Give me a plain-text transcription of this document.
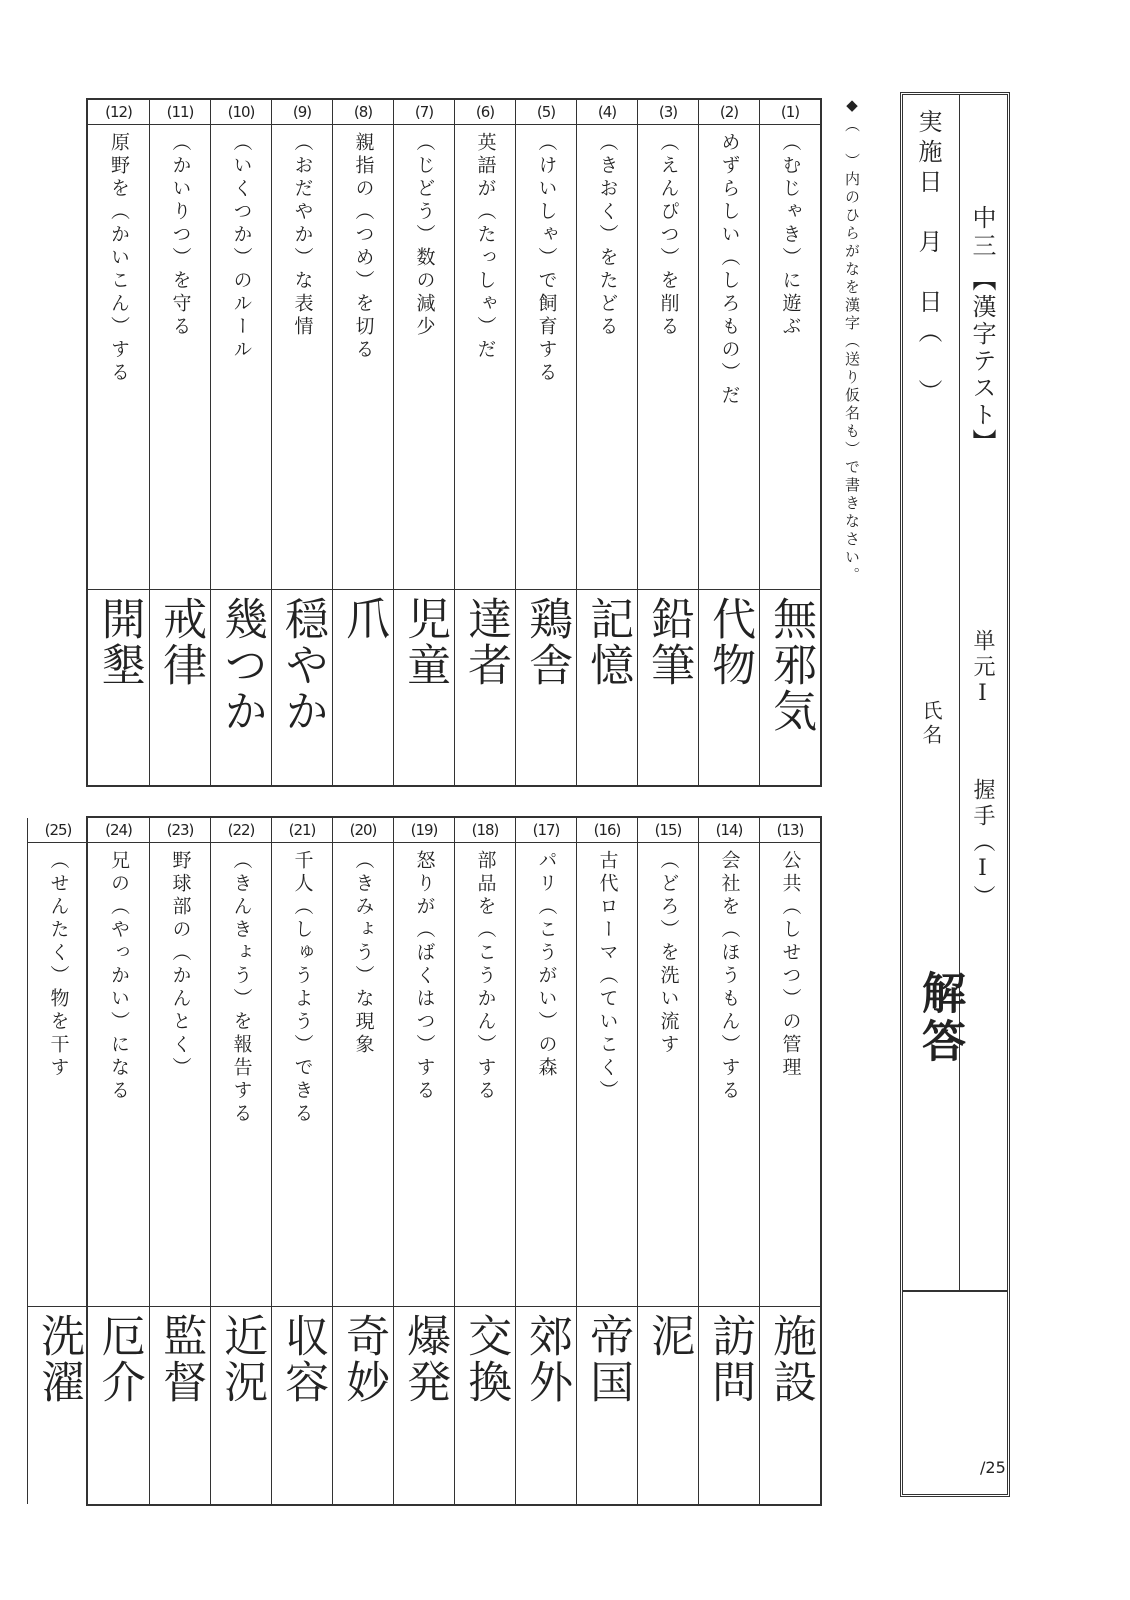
(1)
（むじゃき）に遊ぶ
無邪気
(2)
めずらしい（しろもの）だ
代物
(3)
（えんぴつ）を削る
鉛筆
(4)
（きおく）をたどる
記憶
(5)
（けいしゃ）で飼育する
鶏舎
(6)
英語が（たっしゃ）だ
達者
(7)
（じどう）数の減少
児童
(8)
親指の（つめ）を切る
爪
(9)
（おだやか）な表情
穏やか
(10)
（いくつか）のルール
幾つか
(11)
（かいりつ）を守る
戒律
(12)
原野を（かいこん）する
開墾
(13)
公共（しせつ）の管理
施設
(14)
会社を（ほうもん）する
訪問
(15)
（どろ）を洗い流す
泥
(16)
古代ローマ（ていこく）
帝国
(17)
パリ（こうがい）の森
郊外
(18)
部品を（こうかん）する
交換
(19)
怒りが（ばくはつ）する
爆発
(20)
（きみょう）な現象
奇妙
(21)
千人（しゅうよう）できる
収容
(22)
（きんきょう）を報告する
近況
(23)
野球部の（かんとく）
監督
(24)
兄の（やっかい）になる
厄介
(25)
（せんたく）物を干す
洗濯
◆（　）内のひらがなを漢字（送り仮名も）で書きなさい。 実施日　月　日（　）
氏名
解答
中三
【漢字テスト】
単元Ⅰ
握手（Ⅰ）
/25
